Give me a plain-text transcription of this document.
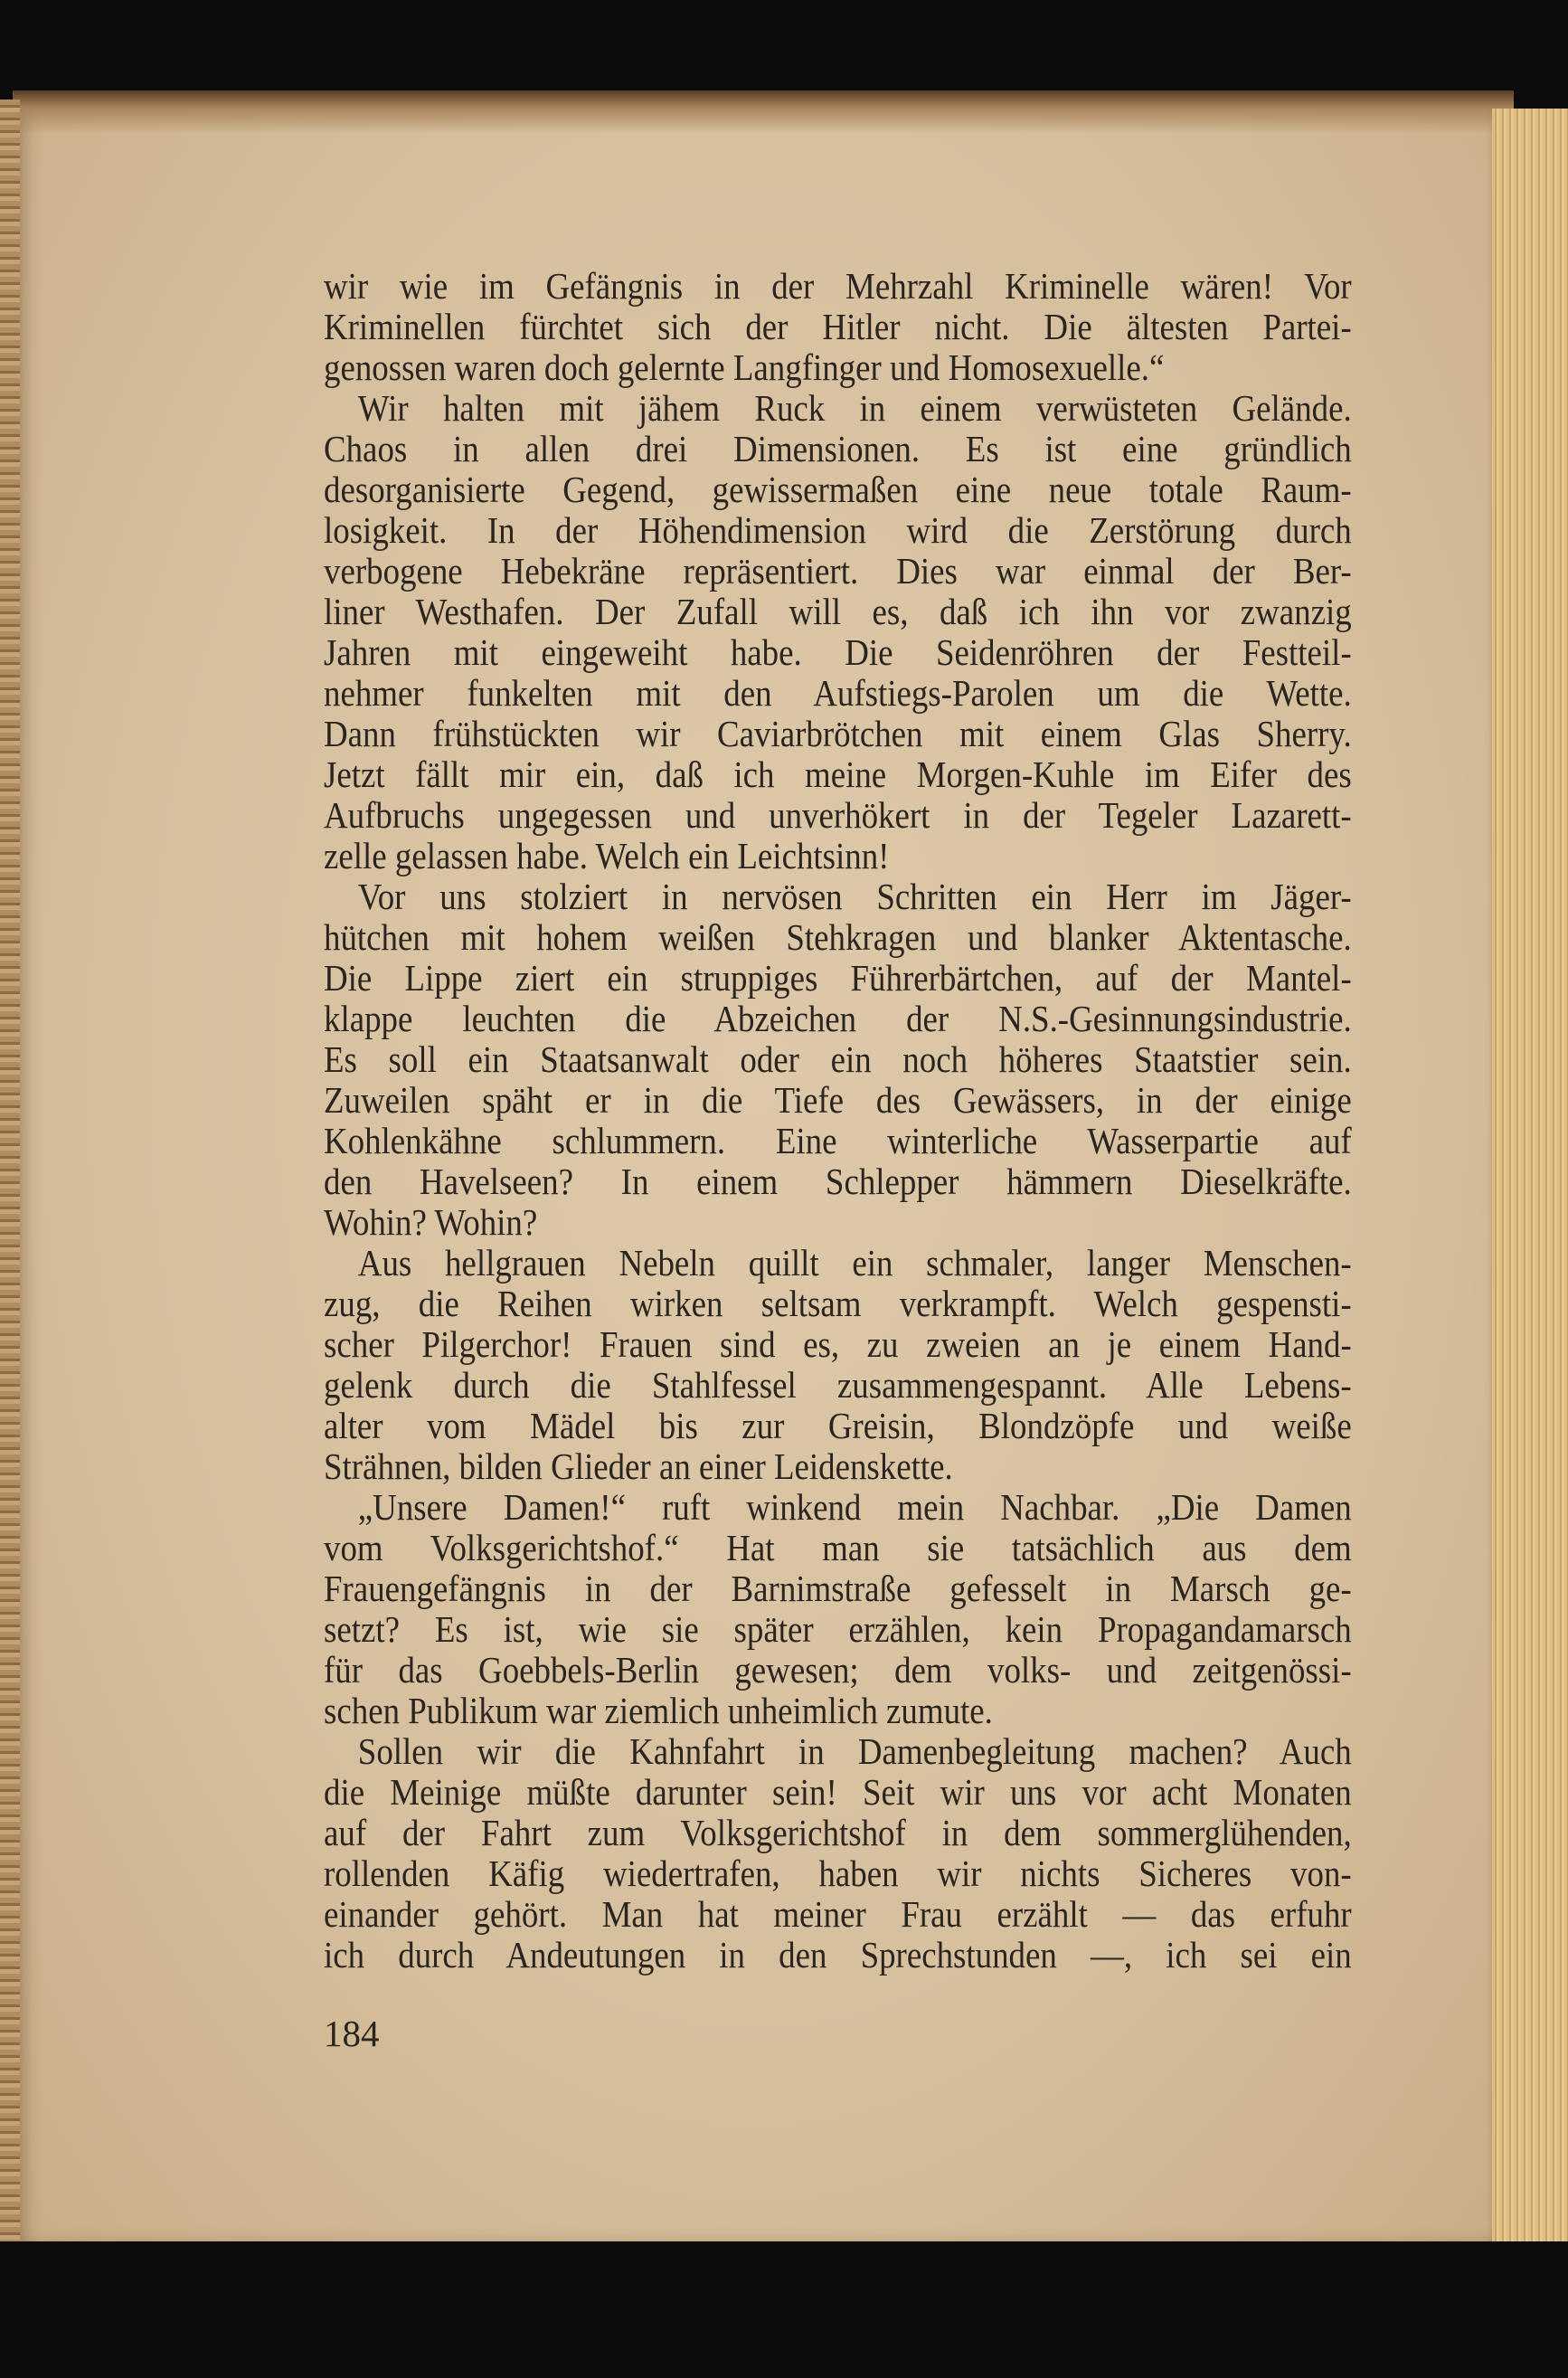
wir wie im Gefängnis in der Mehrzahl Kriminelle wären! Vor
Kriminellen fürchtet sich der Hitler nicht. Die ältesten Partei-
genossen waren doch gelernte Langfinger und Homosexuelle.“
Wir halten mit jähem Ruck in einem verwüsteten Gelände.
Chaos in allen drei Dimensionen. Es ist eine gründlich
desorganisierte Gegend, gewissermaßen eine neue totale Raum-
losigkeit. In der Höhendimension wird die Zerstörung durch
verbogene Hebekräne repräsentiert. Dies war einmal der Ber-
liner Westhafen. Der Zufall will es, daß ich ihn vor zwanzig
Jahren mit eingeweiht habe. Die Seidenröhren der Festteil-
nehmer funkelten mit den Aufstiegs-Parolen um die Wette.
Dann frühstückten wir Caviarbrötchen mit einem Glas Sherry.
Jetzt fällt mir ein, daß ich meine Morgen-Kuhle im Eifer des
Aufbruchs ungegessen und unverhökert in der Tegeler Lazarett-
zelle gelassen habe. Welch ein Leichtsinn!
Vor uns stolziert in nervösen Schritten ein Herr im Jäger-
hütchen mit hohem weißen Stehkragen und blanker Aktentasche.
Die Lippe ziert ein struppiges Führerbärtchen, auf der Mantel-
klappe leuchten die Abzeichen der N.S.-Gesinnungsindustrie.
Es soll ein Staatsanwalt oder ein noch höheres Staatstier sein.
Zuweilen späht er in die Tiefe des Gewässers, in der einige
Kohlenkähne schlummern. Eine winterliche Wasserpartie auf
den Havelseen? In einem Schlepper hämmern Dieselkräfte.
Wohin? Wohin?
Aus hellgrauen Nebeln quillt ein schmaler, langer Menschen-
zug, die Reihen wirken seltsam verkrampft. Welch gespensti-
scher Pilgerchor! Frauen sind es, zu zweien an je einem Hand-
gelenk durch die Stahlfessel zusammengespannt. Alle Lebens-
alter vom Mädel bis zur Greisin, Blondzöpfe und weiße
Strähnen, bilden Glieder an einer Leidenskette.
„Unsere Damen!“ ruft winkend mein Nachbar. „Die Damen
vom Volksgerichtshof.“ Hat man sie tatsächlich aus dem
Frauengefängnis in der Barnimstraße gefesselt in Marsch ge-
setzt? Es ist, wie sie später erzählen, kein Propagandamarsch
für das Goebbels-Berlin gewesen; dem volks- und zeitgenössi-
schen Publikum war ziemlich unheimlich zumute.
Sollen wir die Kahnfahrt in Damenbegleitung machen? Auch
die Meinige müßte darunter sein! Seit wir uns vor acht Monaten
auf der Fahrt zum Volksgerichtshof in dem sommerglühenden,
rollenden Käfig wiedertrafen, haben wir nichts Sicheres von-
einander gehört. Man hat meiner Frau erzählt — das erfuhr
ich durch Andeutungen in den Sprechstunden —, ich sei ein
184
